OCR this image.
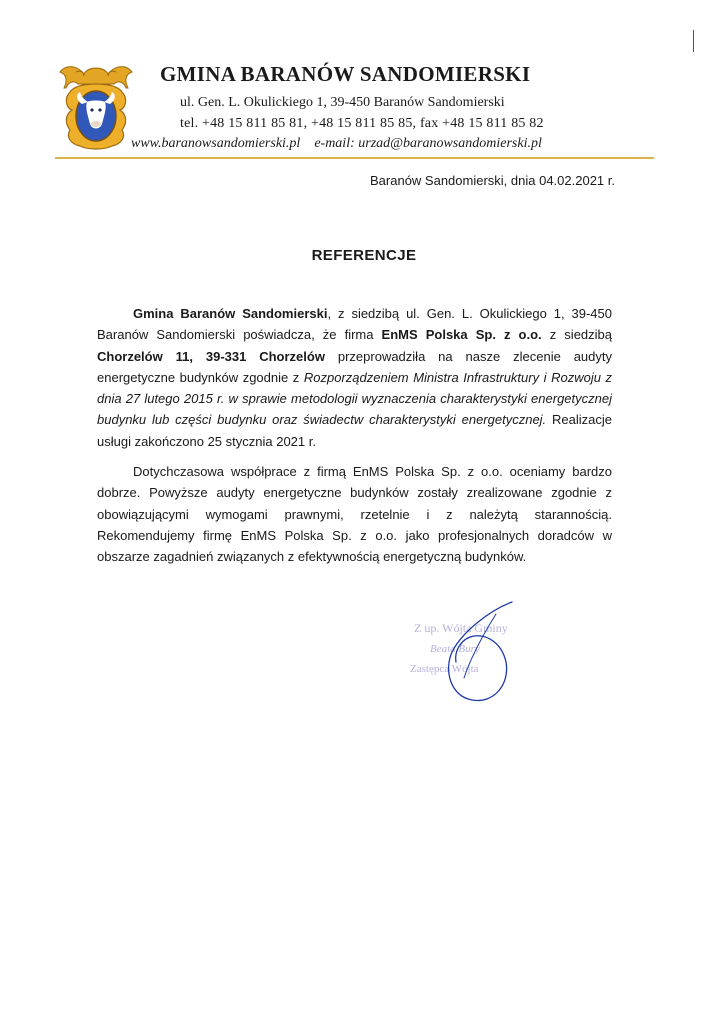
GMINA BARANÓW SANDOMIERSKI
ul. Gen. L. Okulickiego 1, 39-450 Baranów Sandomierski
tel. +48 15 811 85 81, +48 15 811 85 85, fax +48 15 811 85 82
www.baranowsandomierski.pl e-mail: urzad@baranowsandomierski.pl
Baranów Sandomierski, dnia 04.02.2021 r.
REFERENCJE

Gmina Baranów Sandomierski, z siedzibą ul. Gen. L. Okulickiego 1, 39-450 Baranów Sandomierski poświadcza, że firma EnMS Polska Sp. z o.o. z siedzibą Chorzelów 11, 39-331 Chorzelów przeprowadziła na nasze zlecenie audyty energetyczne budynków zgodnie z Rozporządzeniem Ministra Infrastruktury i Rozwoju z dnia 27 lutego 2015 r. w sprawie metodologii wyznaczenia charakterystyki energetycznej budynku lub części budynku oraz świadectw charakterystyki energetycznej. Realizacje usługi zakończono 25 stycznia 2021 r.

Dotychczasowa współprace z firmą EnMS Polska Sp. z o.o. oceniamy bardzo dobrze. Powyższe audyty energetyczne budynków zostały zrealizowane zgodnie z obowiązującymi wymogami prawnymi, rzetelnie i z należytą starannością. Rekomendujemy firmę EnMS Polska Sp. z o.o. jako profesjonalnych doradców w obszarze zagadnień związanych z efektywnością energetyczną budynków.

Z up. Wójta Gminy
Beata Bury
Zastępca Wójta
